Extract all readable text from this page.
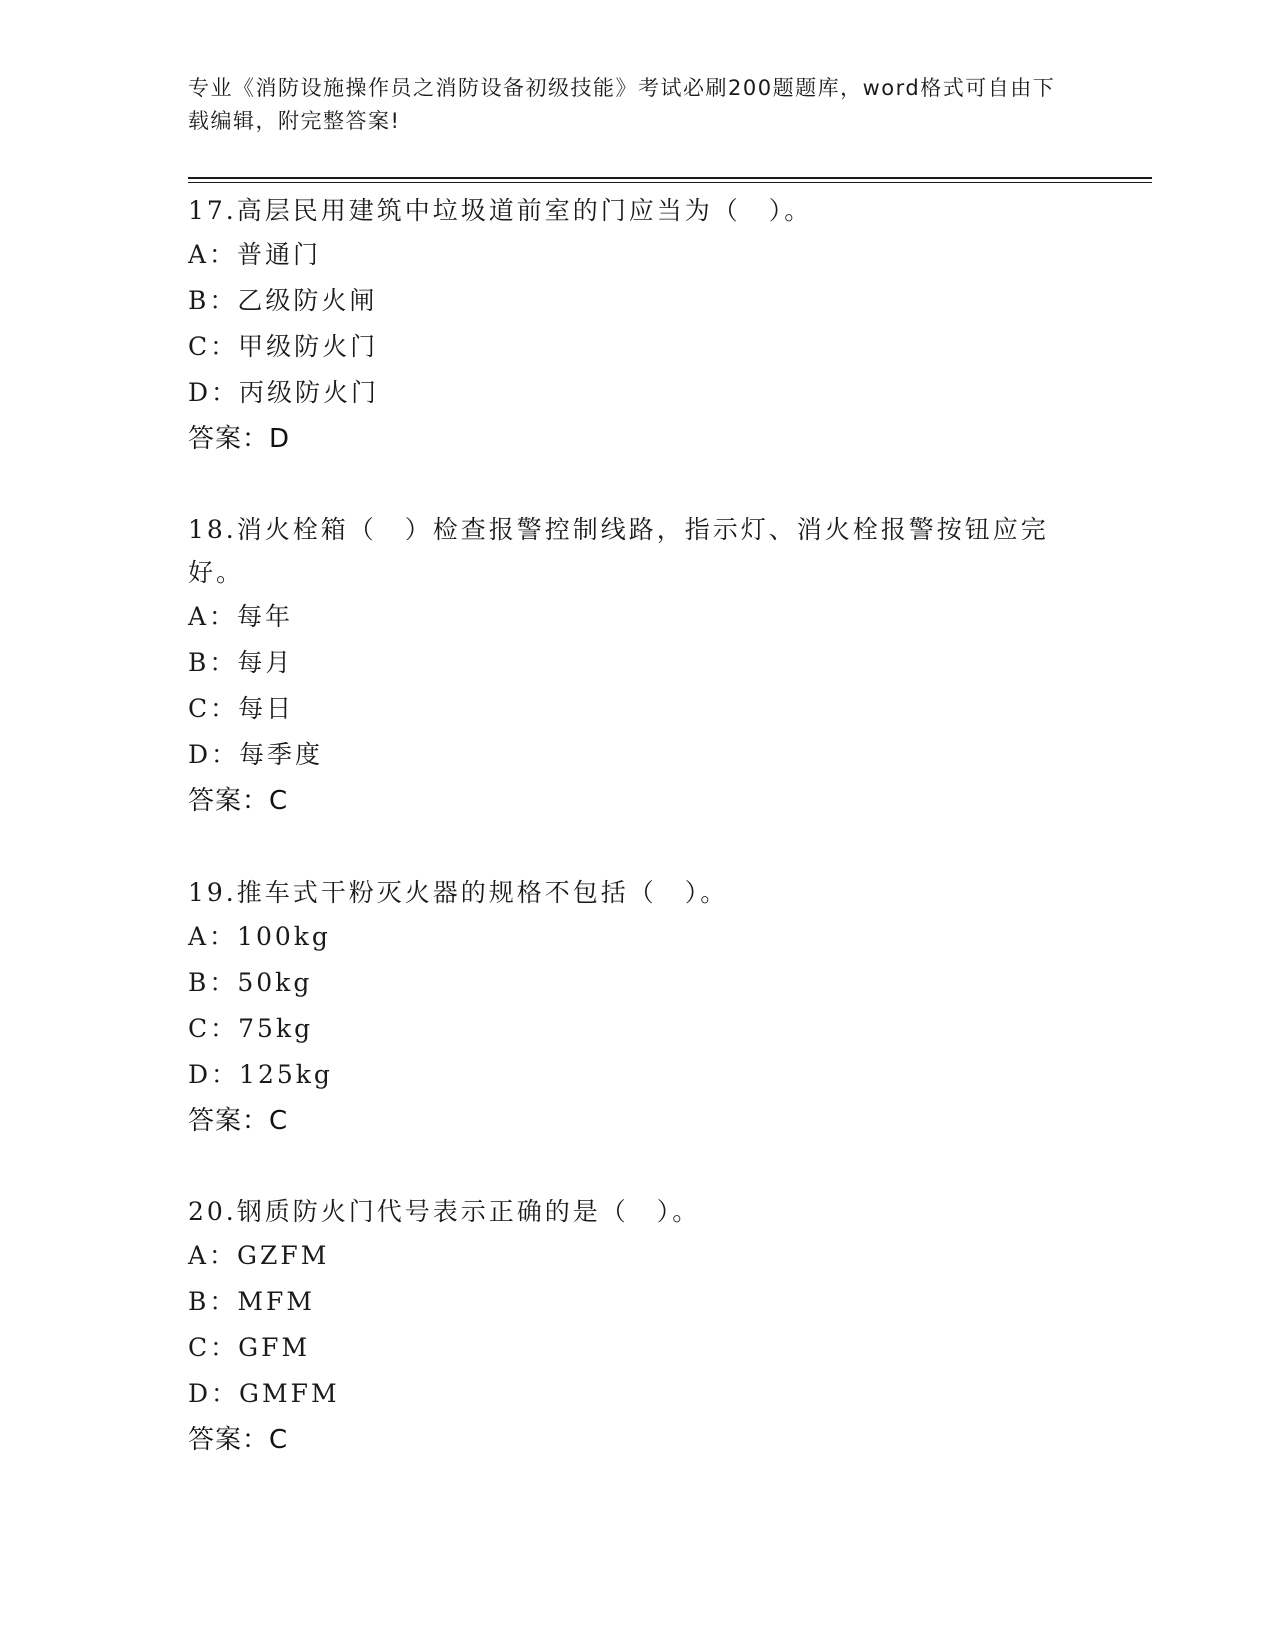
专业《消防设施操作员之消防设备初级技能》考试必刷200题题库，word格式可自由下载编辑，附完整答案!

17.高层民用建筑中垃圾道前室的门应当为（　）。

A：普通门

B：乙级防火闸

C：甲级防火门

D：丙级防火门

答案：D

18.消火栓箱（　）检查报警控制线路，指示灯、消火栓报警按钮应完好。

A：每年

B：每月

C：每日

D：每季度

答案：C

19.推车式干粉灭火器的规格不包括（　）。

A：100kg

B：50kg

C：75kg

D：125kg

答案：C

20.钢质防火门代号表示正确的是（　）。

A：GZFM

B：MFM

C：GFM

D：GMFM

答案：C
